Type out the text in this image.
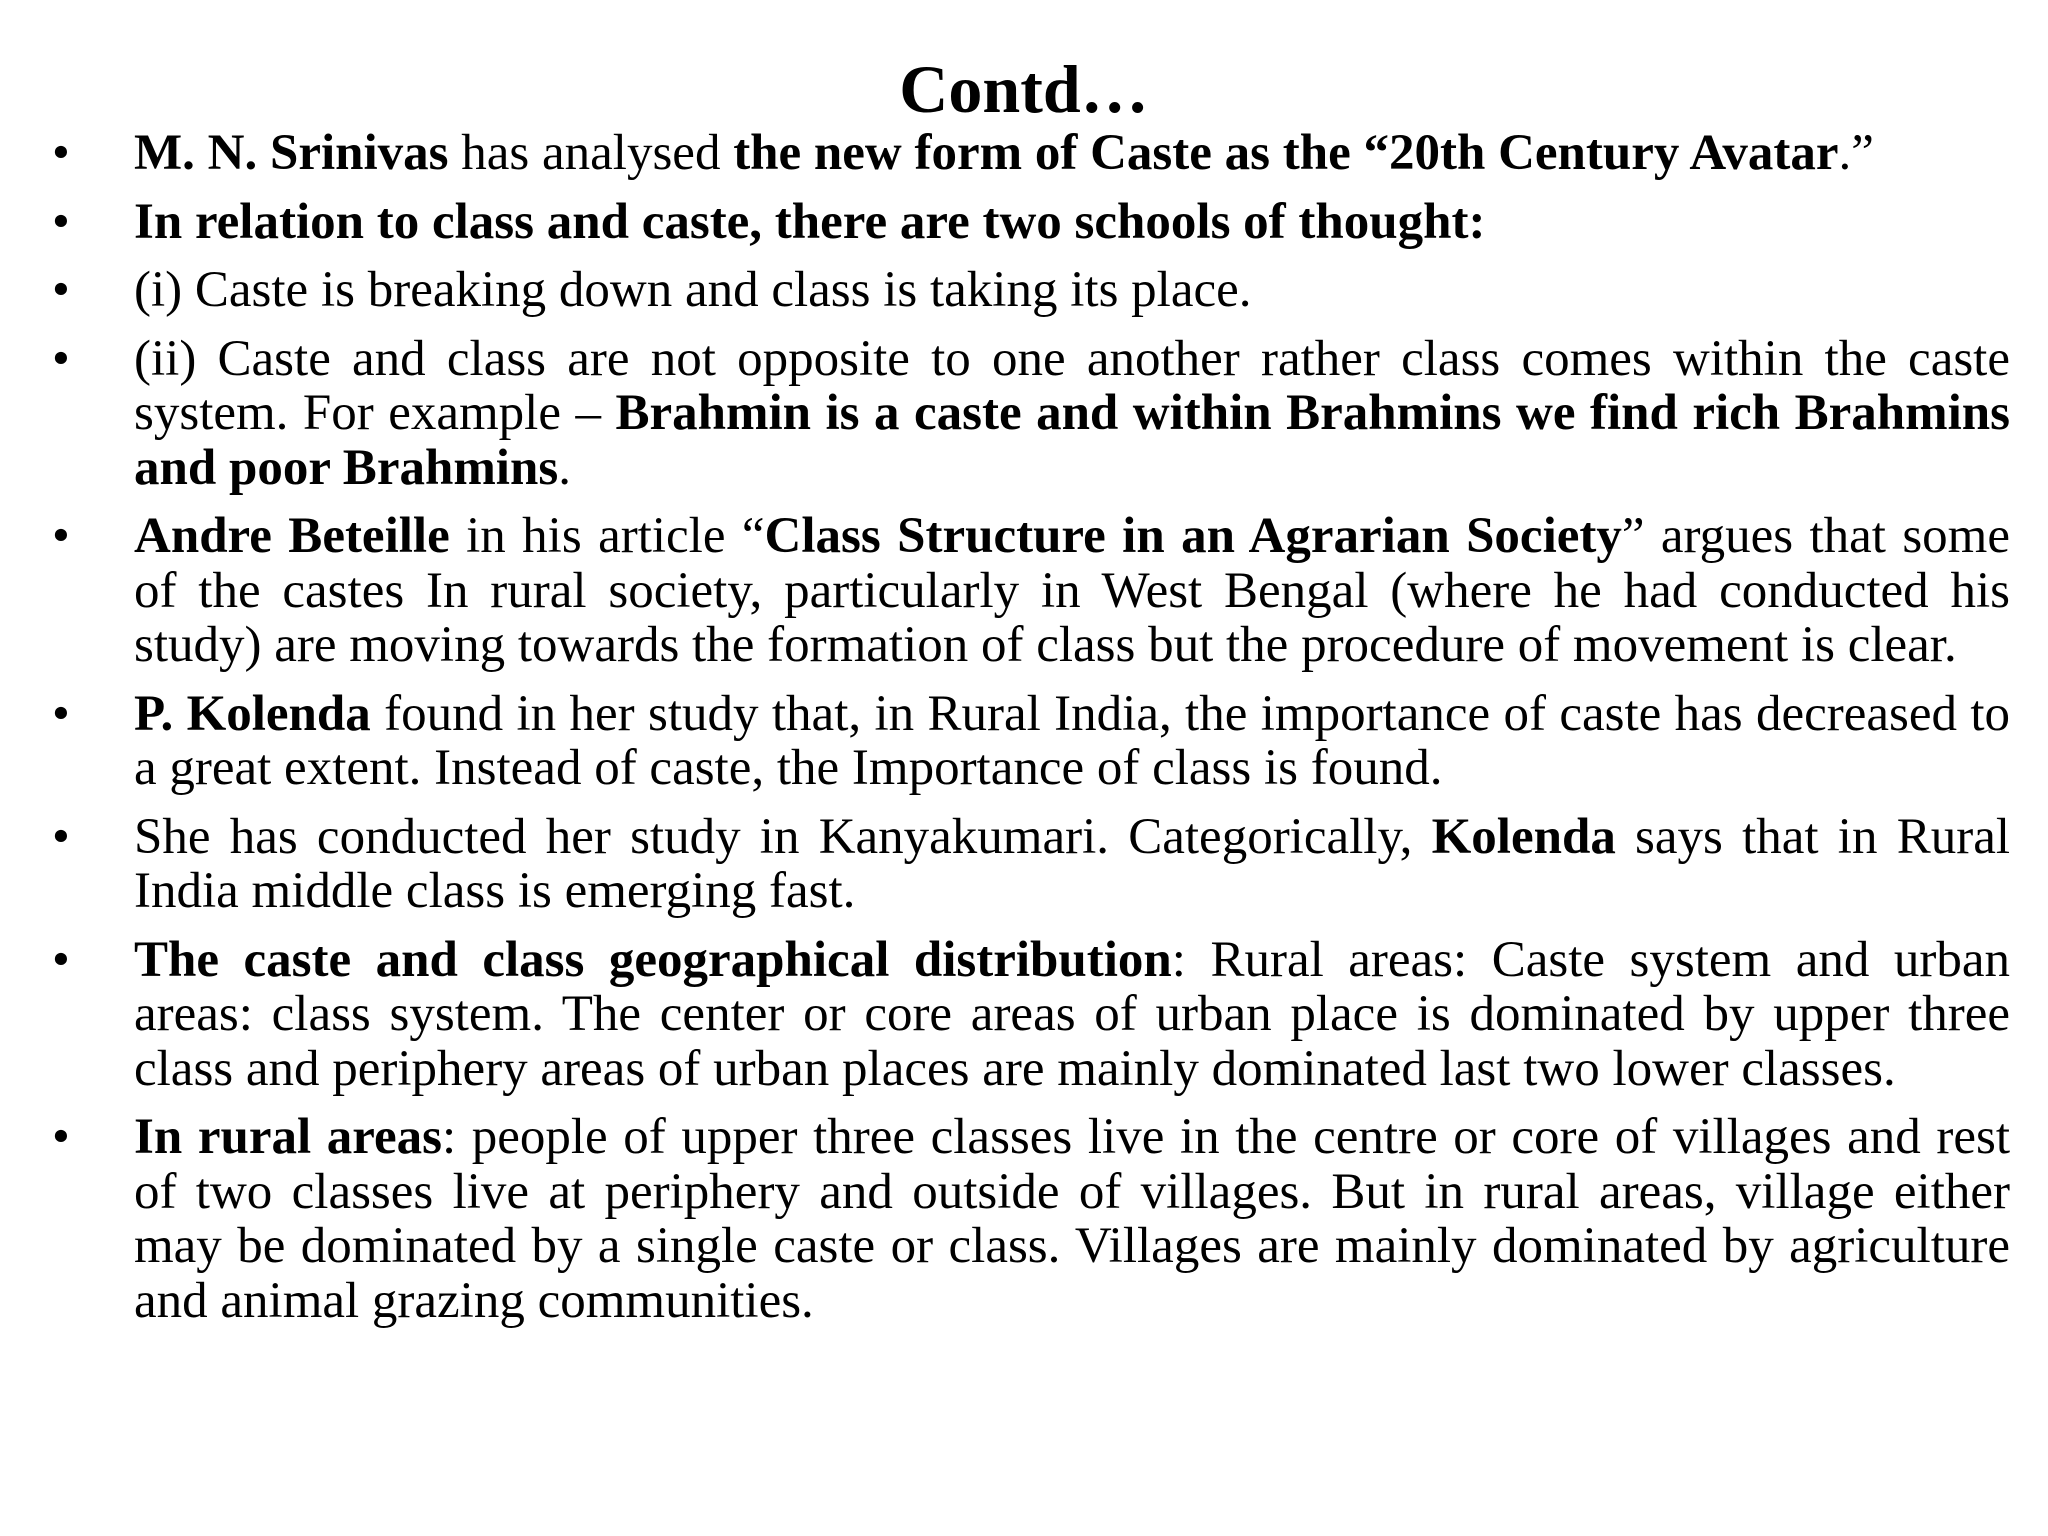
Contd…
•	M. N. Srinivas has analysed the new form of Caste as the “20th Century Avatar.”
•	In relation to class and caste, there are two schools of thought:
•	(i) Caste is breaking down and class is taking its place.
•	(ii) Caste and class are not opposite to one another rather class comes within the caste system. For example – Brahmin is a caste and within Brahmins we find rich Brahmins and poor Brahmins.
•	Andre Beteille in his article “Class Structure in an Agrarian Society” argues that some of the castes In rural society, particularly in West Bengal (where he had conducted his study) are moving towards the formation of class but the procedure of movement is clear.
•	P. Kolenda found in her study that, in Rural India, the importance of caste has decreased to a great extent. Instead of caste, the Importance of class is found.
•	She has conducted her study in Kanyakumari. Categorically, Kolenda says that in Rural India middle class is emerging fast.
•	The caste and class geographical distribution: Rural areas: Caste system and urban areas: class system. The center or core areas of urban place is dominated by upper three class and periphery areas of urban places are mainly dominated last two lower classes.
•	In rural areas: people of upper three classes live in the centre or core of villages and rest of two classes live at periphery and outside of villages. But in rural areas, village either may be dominated by a single caste or class. Villages are mainly dominated by agriculture and animal grazing communities.
